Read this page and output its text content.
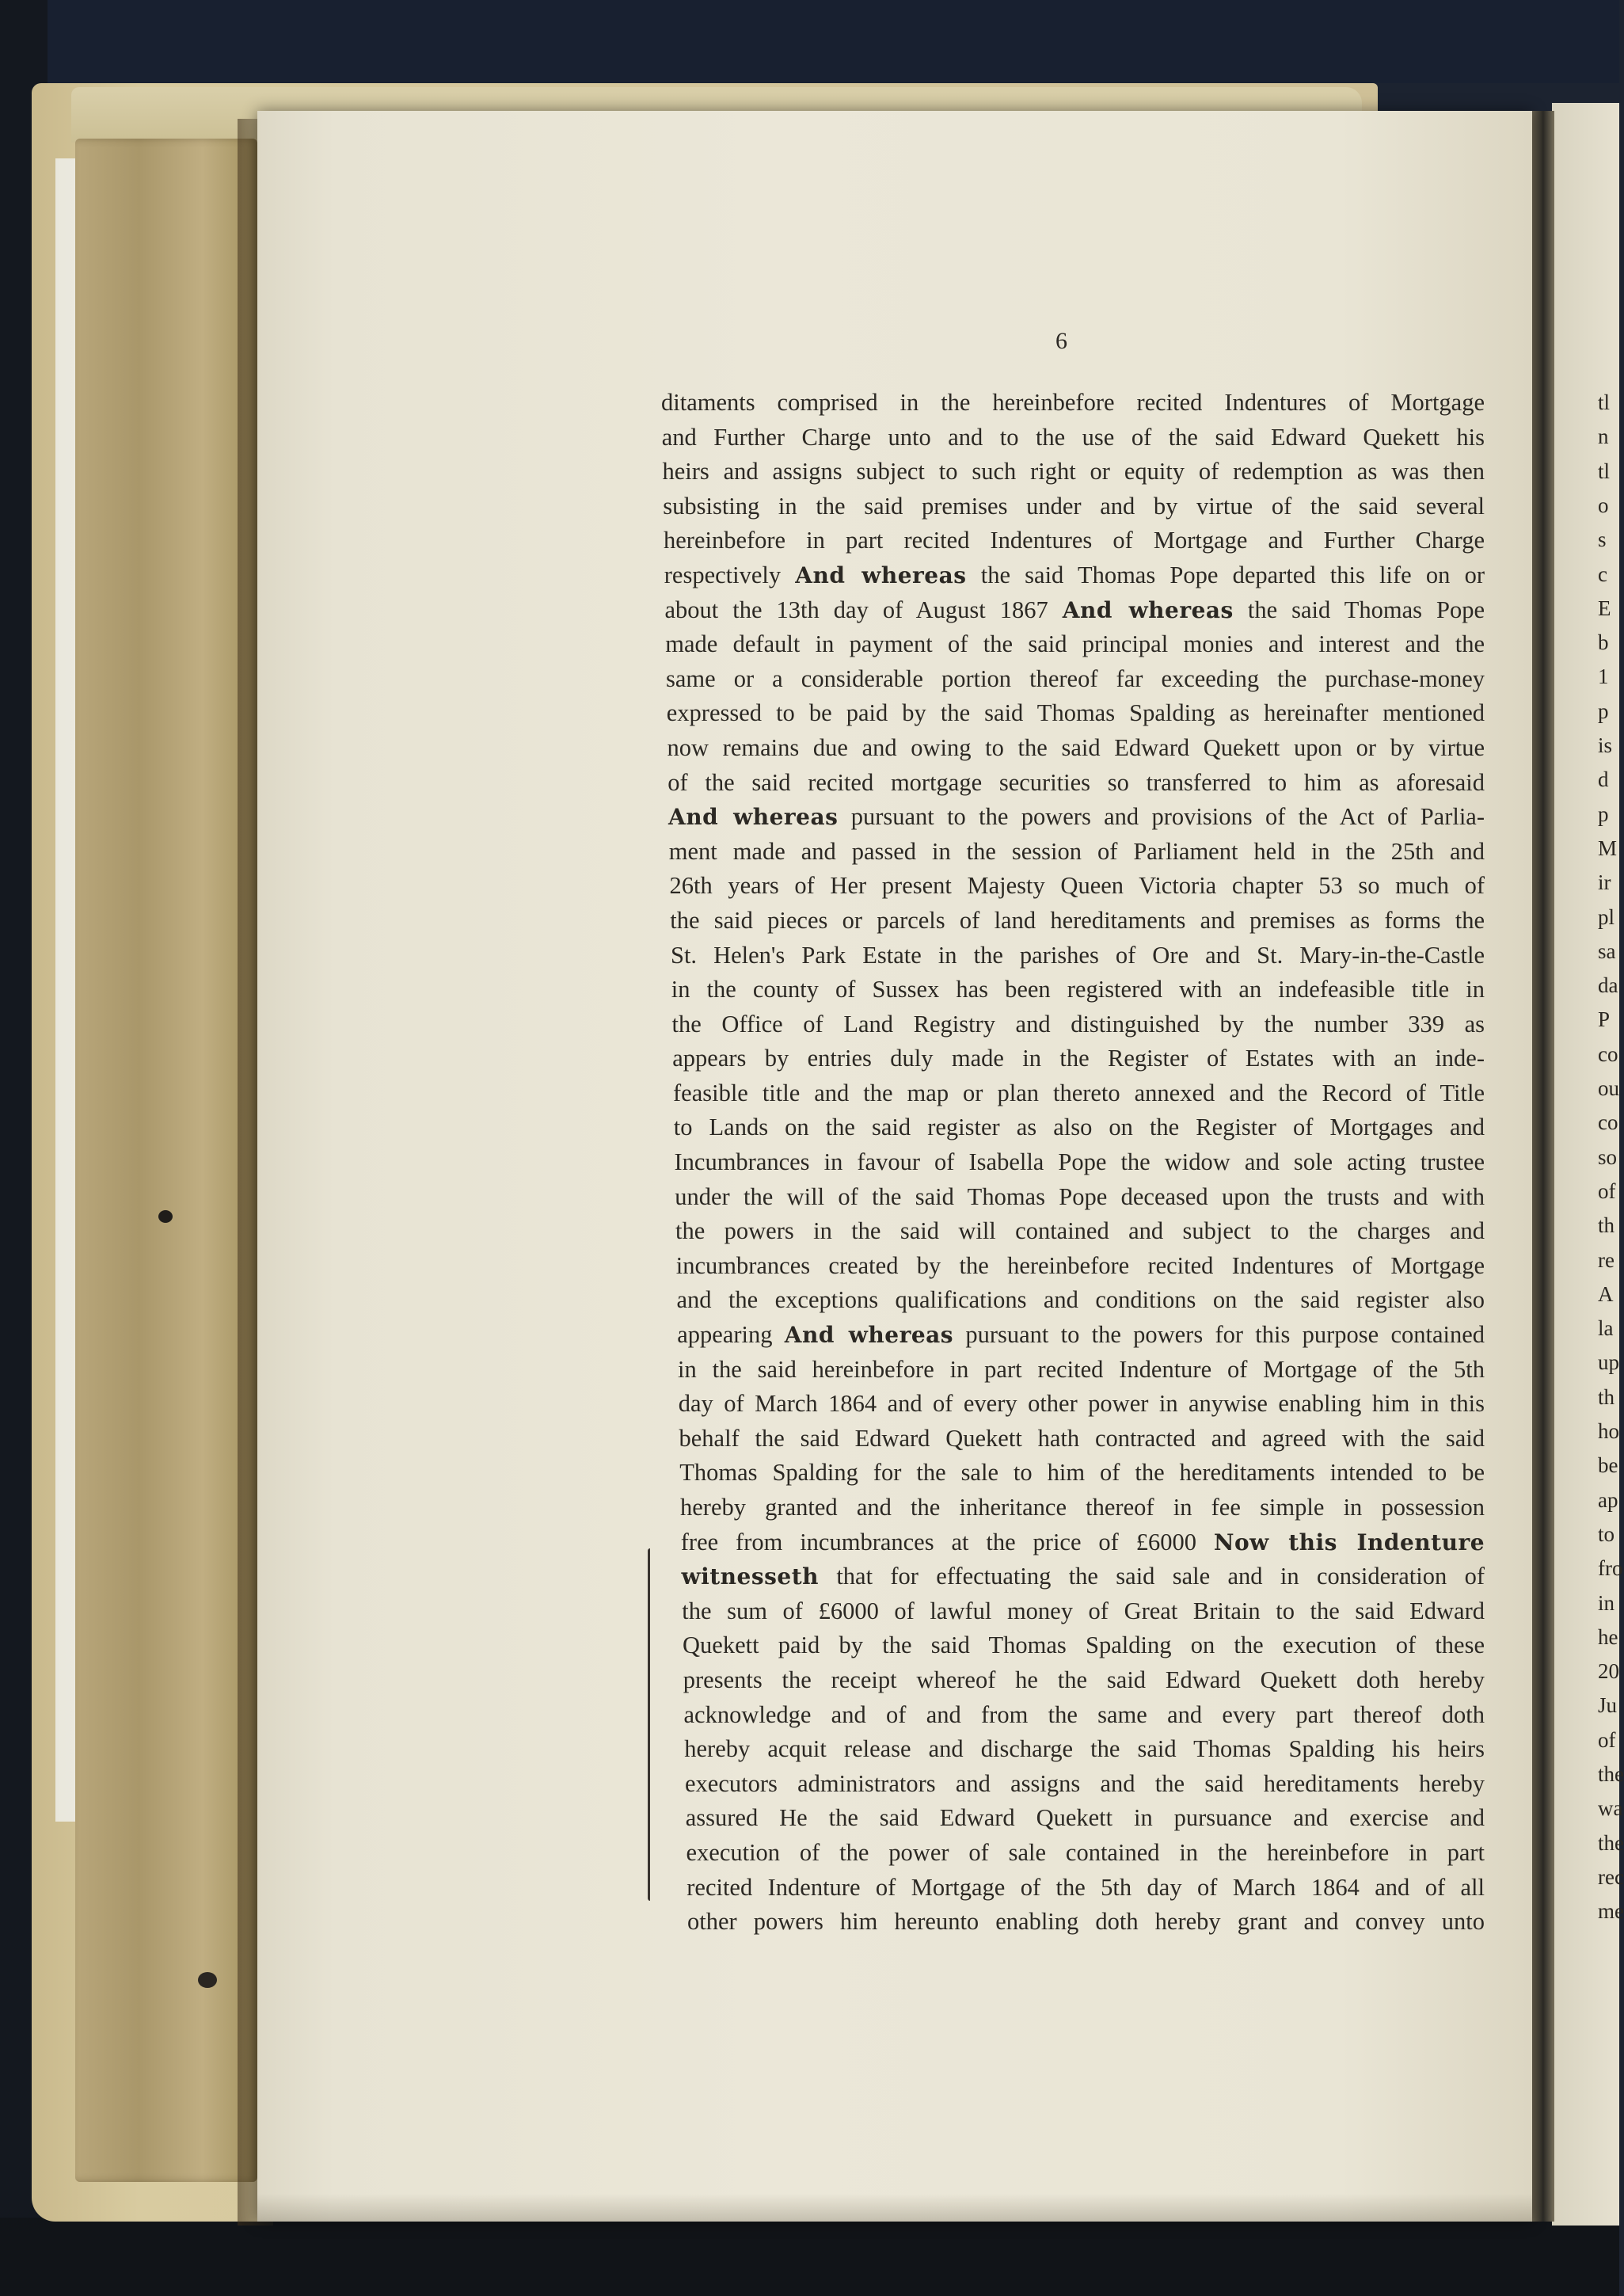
tl
n
tl
o
s
c
E
b
1
p
is
d
p
M
ir
pl
sa
da
P
co
ou
co
so
of
th
re
A
la
up
th
ho
be
ap
to
fro
in
he
20
Ju
of
the
wa
the
rec
me
6
ditaments comprised in the hereinbefore recited Indentures of Mortgage
and Further Charge unto and to the use of the said Edward Quekett his
heirs and assigns subject to such right or equity of redemption as was then
subsisting in the said premises under and by virtue of the said several
hereinbefore in part recited Indentures of Mortgage and Further Charge
respectively And whereas the said Thomas Pope departed this life on or
about the 13th day of August 1867 And whereas the said Thomas Pope
made default in payment of the said principal monies and interest and the
same or a considerable portion thereof far exceeding the purchase-money
expressed to be paid by the said Thomas Spalding as hereinafter mentioned
now remains due and owing to the said Edward Quekett upon or by virtue
of the said recited mortgage securities so transferred to him as aforesaid
And whereas pursuant to the powers and provisions of the Act of Parlia-
ment made and passed in the session of Parliament held in the 25th and
26th years of Her present Majesty Queen Victoria chapter 53 so much of
the said pieces or parcels of land hereditaments and premises as forms the
St. Helen's Park Estate in the parishes of Ore and St. Mary-in-the-Castle
in the county of Sussex has been registered with an indefeasible title in
the Office of Land Registry and distinguished by the number 339 as
appears by entries duly made in the Register of Estates with an inde-
feasible title and the map or plan thereto annexed and the Record of Title
to Lands on the said register as also on the Register of Mortgages and
Incumbrances in favour of Isabella Pope the widow and sole acting trustee
under the will of the said Thomas Pope deceased upon the trusts and with
the powers in the said will contained and subject to the charges and
incumbrances created by the hereinbefore recited Indentures of Mortgage
and the exceptions qualifications and conditions on the said register also
appearing And whereas pursuant to the powers for this purpose contained
in the said hereinbefore in part recited Indenture of Mortgage of the 5th
day of March 1864 and of every other power in anywise enabling him in this
behalf the said Edward Quekett hath contracted and agreed with the said
Thomas Spalding for the sale to him of the hereditaments intended to be
hereby granted and the inheritance thereof in fee simple in possession
free from incumbrances at the price of £6000 Now this Indenture
witnesseth that for effectuating the said sale and in consideration of
the sum of £6000 of lawful money of Great Britain to the said Edward
Quekett paid by the said Thomas Spalding on the execution of these
presents the receipt whereof he the said Edward Quekett doth hereby
acknowledge and of and from the same and every part thereof doth
hereby acquit release and discharge the said Thomas Spalding his heirs
executors administrators and assigns and the said hereditaments hereby
assured He the said Edward Quekett in pursuance and exercise and
execution of the power of sale contained in the hereinbefore in part
recited Indenture of Mortgage of the 5th day of March 1864 and of all
other powers him hereunto enabling doth hereby grant and convey unto
